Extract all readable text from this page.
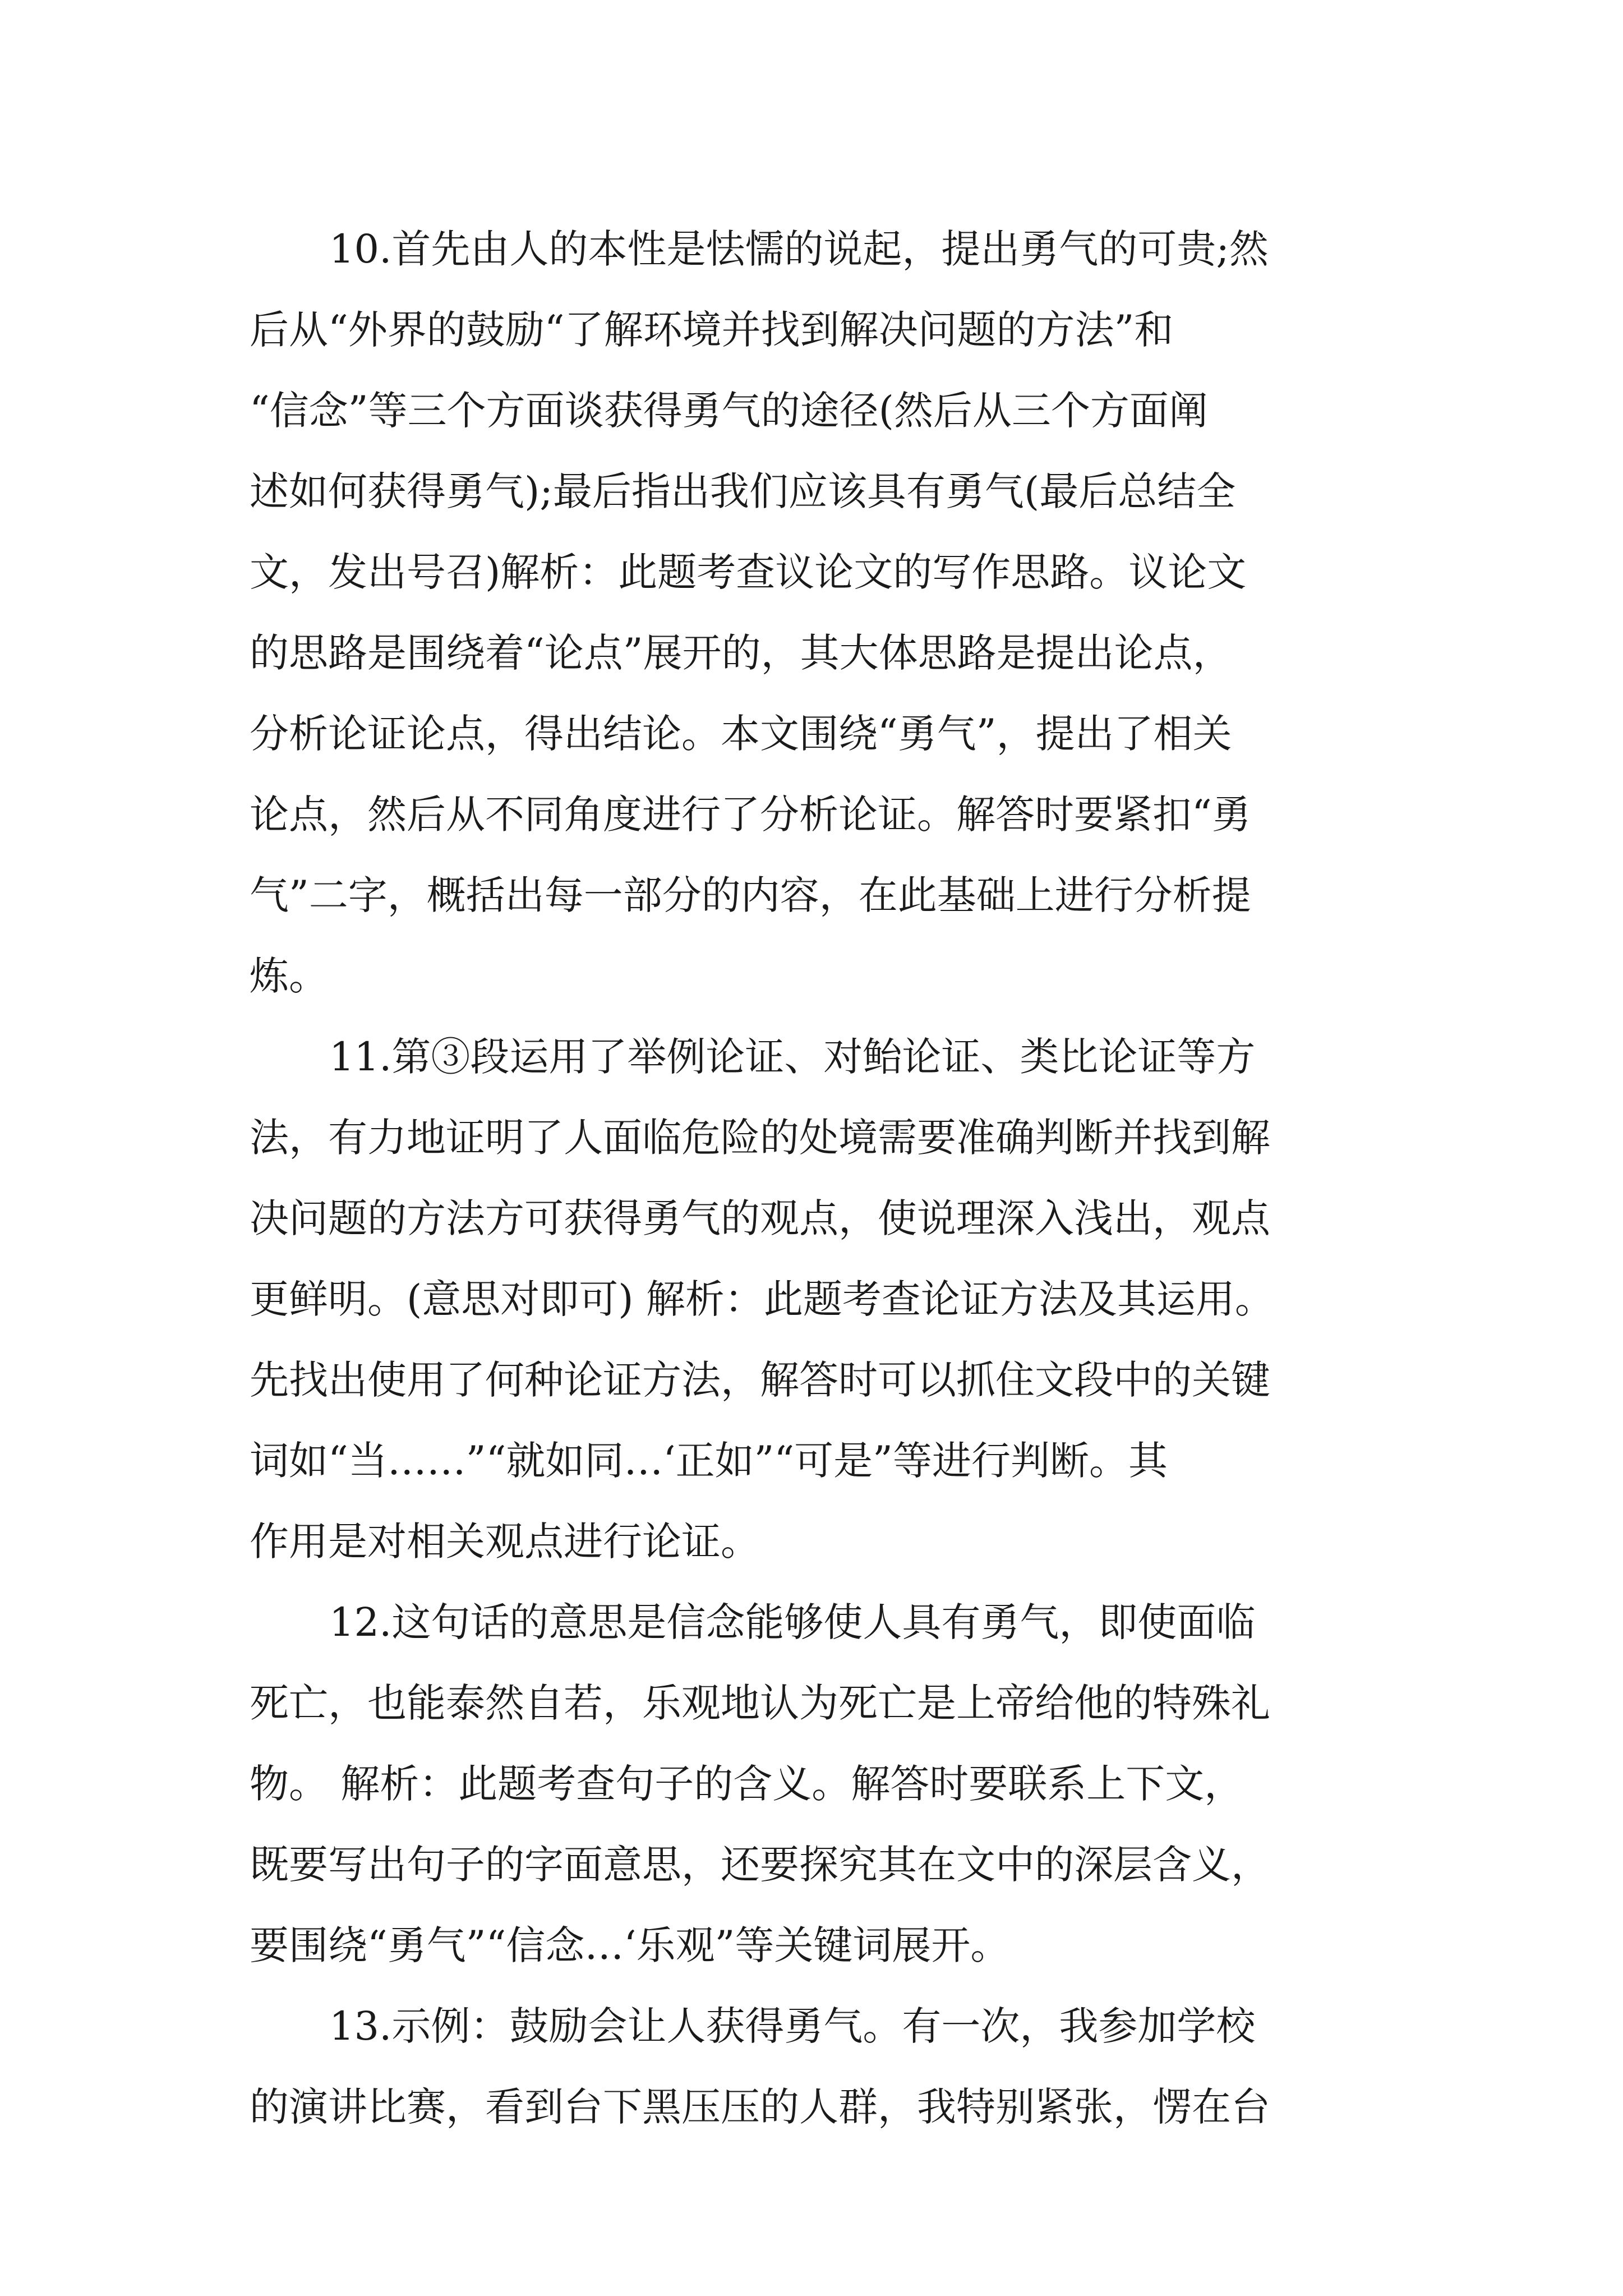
10.首先由人的本性是怯懦的说起，提出勇气的可贵;然
后从“外界的鼓励“了解环境并找到解决问题的方法”和
“信念”等三个方面谈获得勇气的途径(然后从三个方面阐
述如何获得勇气);最后指出我们应该具有勇气(最后总结全
文，发出号召)解析：此题考查议论文的写作思路。议论文
的思路是围绕着“论点”展开的，其大体思路是提出论点，
分析论证论点，得出结论。本文围绕“勇气”，提出了相关
论点，然后从不同角度进行了分析论证。解答时要紧扣“勇
气”二字，概括出每一部分的内容，在此基础上进行分析提
炼。
11.第③段运用了举例论证、对鲐论证、类比论证等方
法，有力地证明了人面临危险的处境需要准确判断并找到解
决问题的方法方可获得勇气的观点，使说理深入浅出，观点
更鲜明。(意思对即可) 解析：此题考查论证方法及其运用。
先找出使用了何种论证方法，解答时可以抓住文段中的关键
词如“当……”“就如同…‘正如”“可是”等进行判断。其
作用是对相关观点进行论证。
12.这句话的意思是信念能够使人具有勇气，即使面临
死亡，也能泰然自若，乐观地认为死亡是上帝给他的特殊礼
物。 解析：此题考查句子的含义。解答时要联系上下文，
既要写出句子的字面意思，还要探究其在文中的深层含义，
要围绕“勇气”“信念…‘乐观”等关键词展开。
13.示例：鼓励会让人获得勇气。有一次，我参加学校
的演讲比赛，看到台下黑压压的人群，我特别紧张，愣在台
